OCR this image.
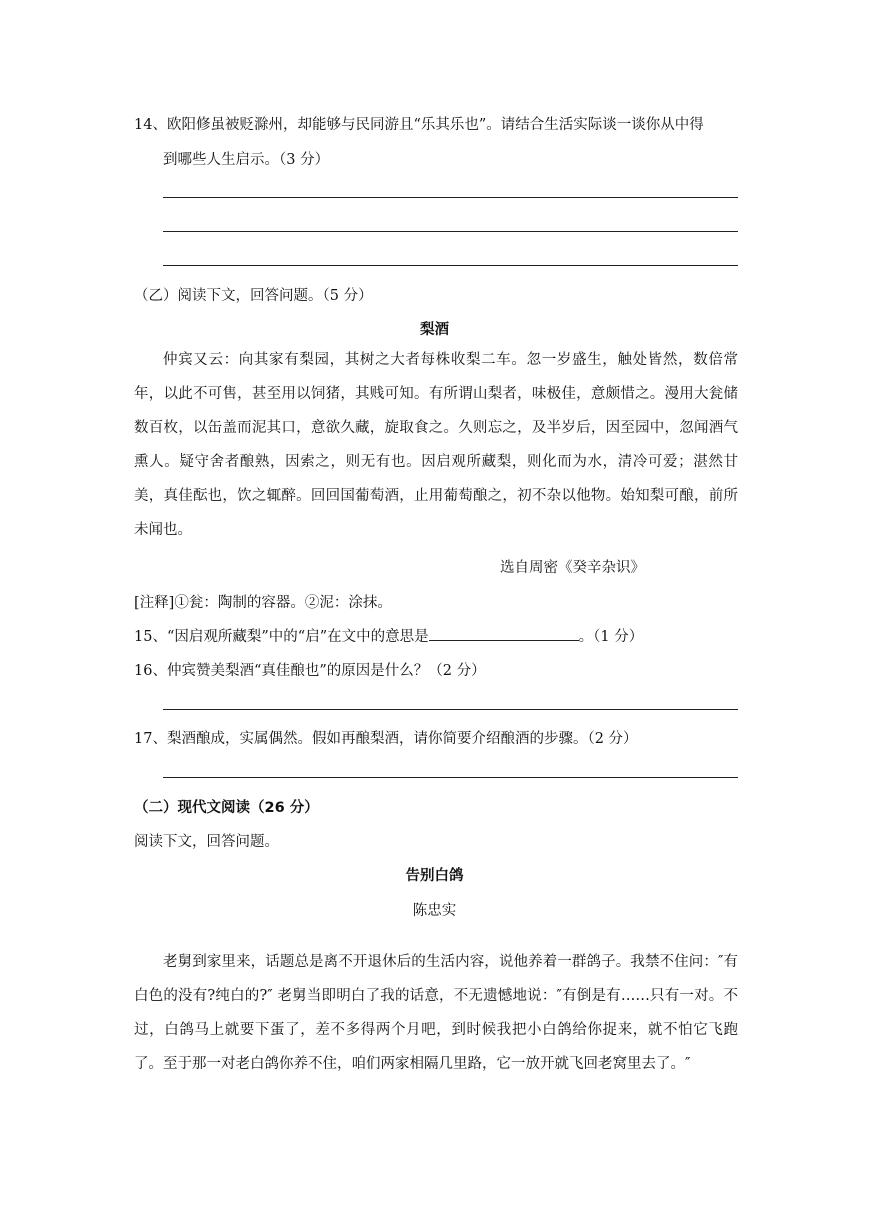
14、欧阳修虽被贬滁州，却能够与民同游且“乐其乐也”。请结合生活实际谈一谈你从中得
到哪些人生启示。（3 分）
（乙）阅读下文，回答问题。（5 分）
梨酒
仲宾又云：向其家有梨园，其树之大者每株收梨二车。忽一岁盛生，触处皆然，数倍常年，以此不可售，甚至用以饲猪，其贱可知。有所谓山梨者，味极佳，意颇惜之。漫用大瓮储数百枚，以缶盖而泥其口，意欲久藏，旋取食之。久则忘之，及半岁后，因至园中，忽闻酒气熏人。疑守舍者酿熟，因索之，则无有也。因启观所藏梨，则化而为水，清冷可爱；湛然甘美，真佳酝也，饮之辄醉。回回国葡萄酒，止用葡萄酿之，初不杂以他物。始知梨可酿，前所未闻也。
选自周密《癸辛杂识》
[注释]①瓮：陶制的容器。②泥：涂抹。
15、“因启观所藏梨”中的“启”在文中的意思是	。（1 分）
16、仲宾赞美梨酒“真佳酿也”的原因是什么？（2 分）
17、梨酒酿成，实属偶然。假如再酿梨酒，请你简要介绍酿酒的步骤。（2 分）
（二）现代文阅读（26 分）
阅读下文，回答问题。
告别白鸽
陈忠实
老舅到家里来，话题总是离不开退休后的生活内容，说他养着一群鸽子。我禁不住问：″有白色的没有?纯白的?″ 老舅当即明白了我的话意，不无遗憾地说：″有倒是有……只有一对。不过，白鸽马上就要下蛋了，差不多得两个月吧，到时候我把小白鸽给你捉来，就不怕它飞跑了。至于那一对老白鸽你养不住，咱们两家相隔几里路，它一放开就飞回老窝里去了。″
